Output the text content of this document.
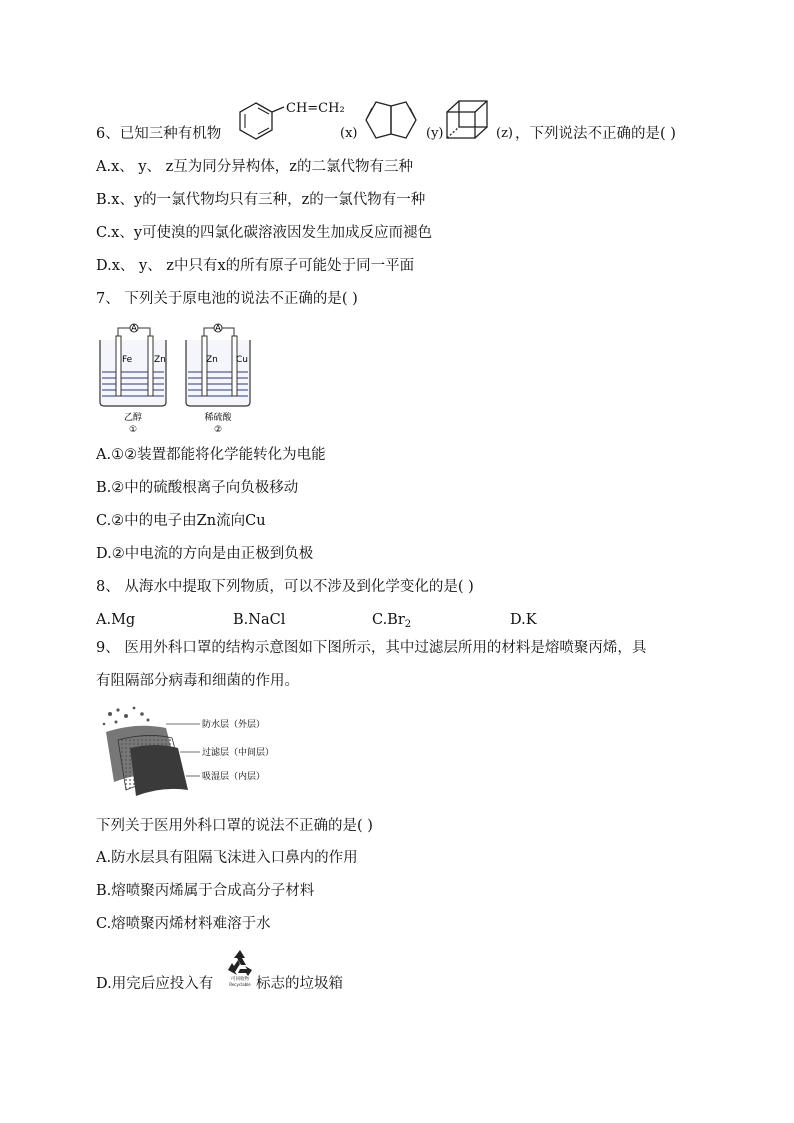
6、已知三种有机物
CH=CH₂
(x)	(y)	(z) ，下列说法不正确的是( )
A.x、 y、 z互为同分异构体，z的二氯代物有三种
B.x、y的一氯代物均只有三种，z的一氯代物有一种
C.x、y可使溴的四氯化碳溶液因发生加成反应而褪色
D.x、 y、 z中只有x的所有原子可能处于同一平面
7、 下列关于原电池的说法不正确的是( )
A
Fe Zn
乙醇
①
A
Zn Cu
稀硫酸
②
A.①②装置都能将化学能转化为电能
B.②中的硫酸根离子向负极移动
C.②中的电子由Zn流向Cu
D.②中电流的方向是由正极到负极
8、 从海水中提取下列物质，可以不涉及到化学变化的是( )
A.Mg	B.NaCl	$C.Br_2$	D.K
9、 医用外科口罩的结构示意图如下图所示，其中过滤层所用的材料是熔喷聚丙烯，具
有阻隔部分病毒和细菌的作用。
防水层（外层）
过滤层（中间层）
吸湿层（内层）
下列关于医用外科口罩的说法不正确的是( )
A.防水层具有阻隔飞沫进入口鼻内的作用
B.熔喷聚丙烯属于合成高分子材料
C.熔喷聚丙烯材料难溶于水
D.用完后应投入有	可回收物
Recyclable 标志的垃圾箱
